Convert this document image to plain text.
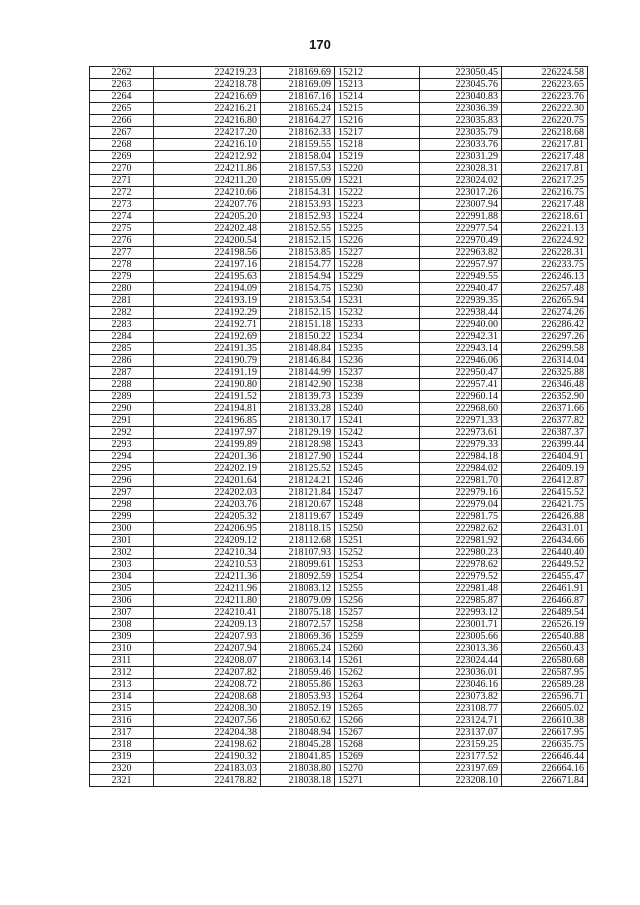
170
2262	224219.23	218169.69	15212	223050.45	226224.58
2263	224218.78	218169.09	15213	223045.76	226223.65
2264	224216.69	218167.16	15214	223040.83	226223.76
2265	224216.21	218165.24	15215	223036.39	226222.30
2266	224216.80	218164.27	15216	223035.83	226220.75
2267	224217.20	218162.33	15217	223035.79	226218.68
2268	224216.10	218159.55	15218	223033.76	226217.81
2269	224212.92	218158.04	15219	223031.29	226217.48
2270	224211.86	218157.53	15220	223028.31	226217.81
2271	224211.20	218155.09	15221	223024.02	226217.25
2272	224210.66	218154.31	15222	223017.26	226216.75
2273	224207.76	218153.93	15223	223007.94	226217.48
2274	224205.20	218152.93	15224	222991.88	226218.61
2275	224202.48	218152.55	15225	222977.54	226221.13
2276	224200.54	218152.15	15226	222970.49	226224.92
2277	224198.56	218153.85	15227	222963.82	226228.31
2278	224197.16	218154.77	15228	222957.97	226233.75
2279	224195.63	218154.94	15229	222949.55	226246.13
2280	224194.09	218154.75	15230	222940.47	226257.48
2281	224193.19	218153.54	15231	222939.35	226265.94
2282	224192.29	218152.15	15232	222938.44	226274.26
2283	224192.71	218151.18	15233	222940.00	226286.42
2284	224192.69	218150.22	15234	222942.31	226297.26
2285	224191.35	218148.84	15235	222943.14	226299.58
2286	224190.79	218146.84	15236	222946.06	226314.04
2287	224191.19	218144.99	15237	222950.47	226325.88
2288	224190.80	218142.90	15238	222957.41	226346.48
2289	224191.52	218139.73	15239	222960.14	226352.90
2290	224194.81	218133.28	15240	222968.60	226371.66
2291	224196.85	218130.17	15241	222971.33	226377.82
2292	224197.97	218129.19	15242	222973.61	226387.37
2293	224199.89	218128.98	15243	222979.33	226399.44
2294	224201.36	218127.90	15244	222984.18	226404.91
2295	224202.19	218125.52	15245	222984.02	226409.19
2296	224201.64	218124.21	15246	222981.70	226412.87
2297	224202.03	218121.84	15247	222979.16	226415.52
2298	224203.76	218120.67	15248	222979.04	226421.75
2299	224205.32	218119.67	15249	222981.75	226426.88
2300	224206.95	218118.15	15250	222982.62	226431.01
2301	224209.12	218112.68	15251	222981.92	226434.66
2302	224210.34	218107.93	15252	222980.23	226440.40
2303	224210.53	218099.61	15253	222978.62	226449.52
2304	224211.36	218092.59	15254	222979.52	226455.47
2305	224211.96	218083.12	15255	222981.48	226461.91
2306	224211.80	218079.09	15256	222985.87	226466.87
2307	224210.41	218075.18	15257	222993.12	226489.54
2308	224209.13	218072.57	15258	223001.71	226526.19
2309	224207.93	218069.36	15259	223005.66	226540.88
2310	224207.94	218065.24	15260	223013.36	226560.43
2311	224208.07	218063.14	15261	223024.44	226580.68
2312	224207.82	218059.46	15262	223036.01	226587.95
2313	224208.72	218055.86	15263	223046.16	226589.28
2314	224208.68	218053.93	15264	223073.82	226596.71
2315	224208.30	218052.19	15265	223108.77	226605.02
2316	224207.56	218050.62	15266	223124.71	226610.38
2317	224204.38	218048.94	15267	223137.07	226617.95
2318	224198.62	218045.28	15268	223159.25	226635.75
2319	224190.32	218041.85	15269	223177.52	226646.44
2320	224183.03	218038.80	15270	223197.69	226664.16
2321	224178.82	218038.18	15271	223208.10	226671.84
